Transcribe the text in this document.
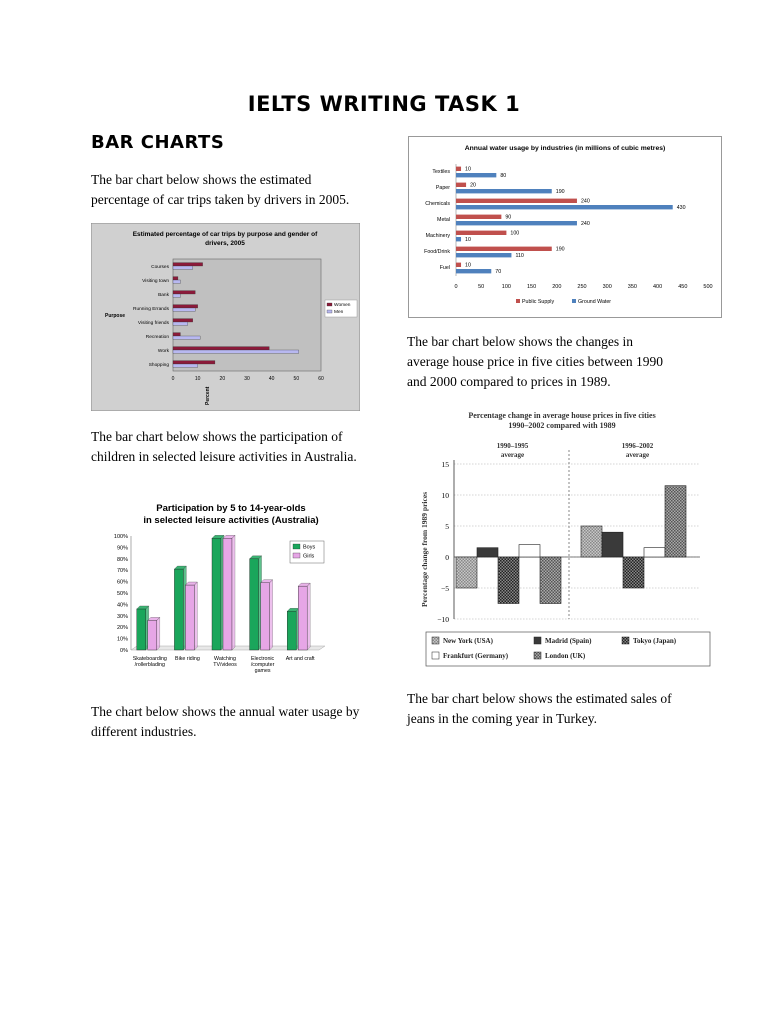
IELTS WRITING TASK 1
BAR CHARTS
The bar chart below shows the estimated percentage of car trips taken by drivers in 2005.
The bar chart below shows the participation of children in selected leisure activities in Australia.
The chart below shows the annual water usage by different industries.
The bar chart below shows the changes in average house price in five cities between 1990 and 2000 compared to prices in 1989.
The bar chart below shows the estimated sales of jeans in the coming year in Turkey.
Estimated percentage of car trips by purpose and gender of
drivers, 2005
Courses
Visiting town
Bank
Running Errands
Visiting friends
Recreation
Work
Shopping
0	10	20	30	40	50	60
Purpose
Percent
Women
Men
Participation by 5 to 14-year-olds
in selected leisure activities (Australia)
0%
10%
20%
30%
40%
50%
60%
70%
80%
90%
100%
Skateboarding
/rollerblading
Bike riding	Watching
TV/videos
Electronic
/computer
games
Art and craft
Boys
Girls
Annual water usage by industries (in millions of cubic metres)
Textiles	10
80
Paper	20
190
Chemicals	240
430
Metal	90
240
Machinery	100
10
Food/Drink	190
110
Fuel	10
70
0	50	100	150	200	250	300	350	400	450	500
Public Supply	Ground Water
Percentage change in average house prices in five cities
1990–2002 compared with 1989
15
10
5
0
−5
−10
1990–1995
average
1996–2002
average
Percentage change from 1989 prices
New York (USA)	Madrid (Spain)	Tokyo (Japan)
Frankfurt (Germany)	London (UK)
